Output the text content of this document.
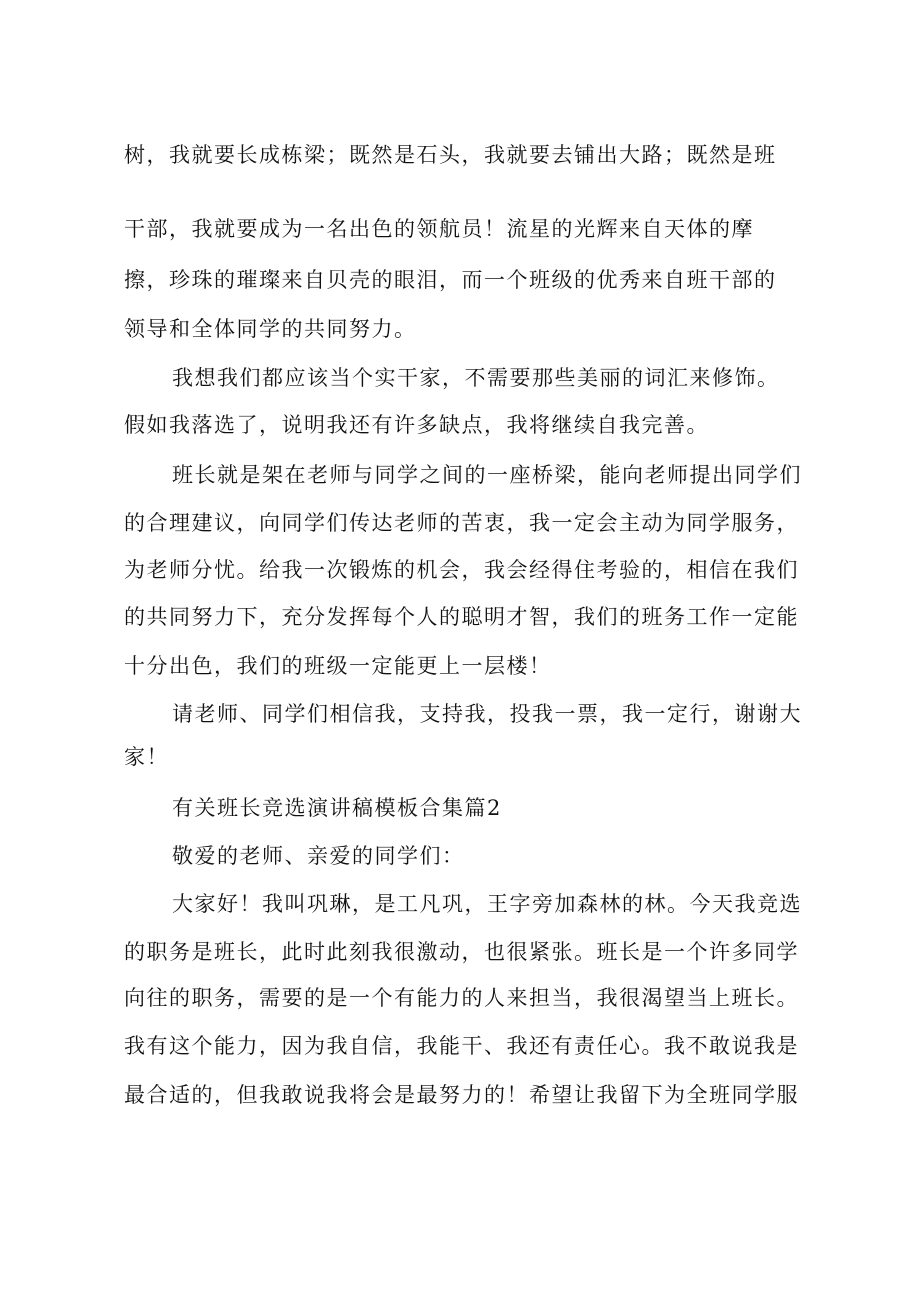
树，我就要长成栋梁；既然是石头，我就要去铺出大路；既然是班
干部，我就要成为一名出色的领航员！流星的光辉来自天体的摩
擦，珍珠的璀璨来自贝壳的眼泪，而一个班级的优秀来自班干部的
领导和全体同学的共同努力。
我想我们都应该当个实干家，不需要那些美丽的词汇来修饰。
假如我落选了，说明我还有许多缺点，我将继续自我完善。
班长就是架在老师与同学之间的一座桥梁，能向老师提出同学们
的合理建议，向同学们传达老师的苦衷，我一定会主动为同学服务，
为老师分忧。给我一次锻炼的机会，我会经得住考验的，相信在我们
的共同努力下，充分发挥每个人的聪明才智，我们的班务工作一定能
十分出色，我们的班级一定能更上一层楼！
请老师、同学们相信我，支持我，投我一票，我一定行，谢谢大
家！
有关班长竞选演讲稿模板合集篇2
敬爱的老师、亲爱的同学们：
大家好！我叫巩琳，是工凡巩，王字旁加森林的林。今天我竞选
的职务是班长，此时此刻我很激动，也很紧张。班长是一个许多同学
向往的职务，需要的是一个有能力的人来担当，我很渴望当上班长。
我有这个能力，因为我自信，我能干、我还有责任心。我不敢说我是
最合适的，但我敢说我将会是最努力的！希望让我留下为全班同学服
